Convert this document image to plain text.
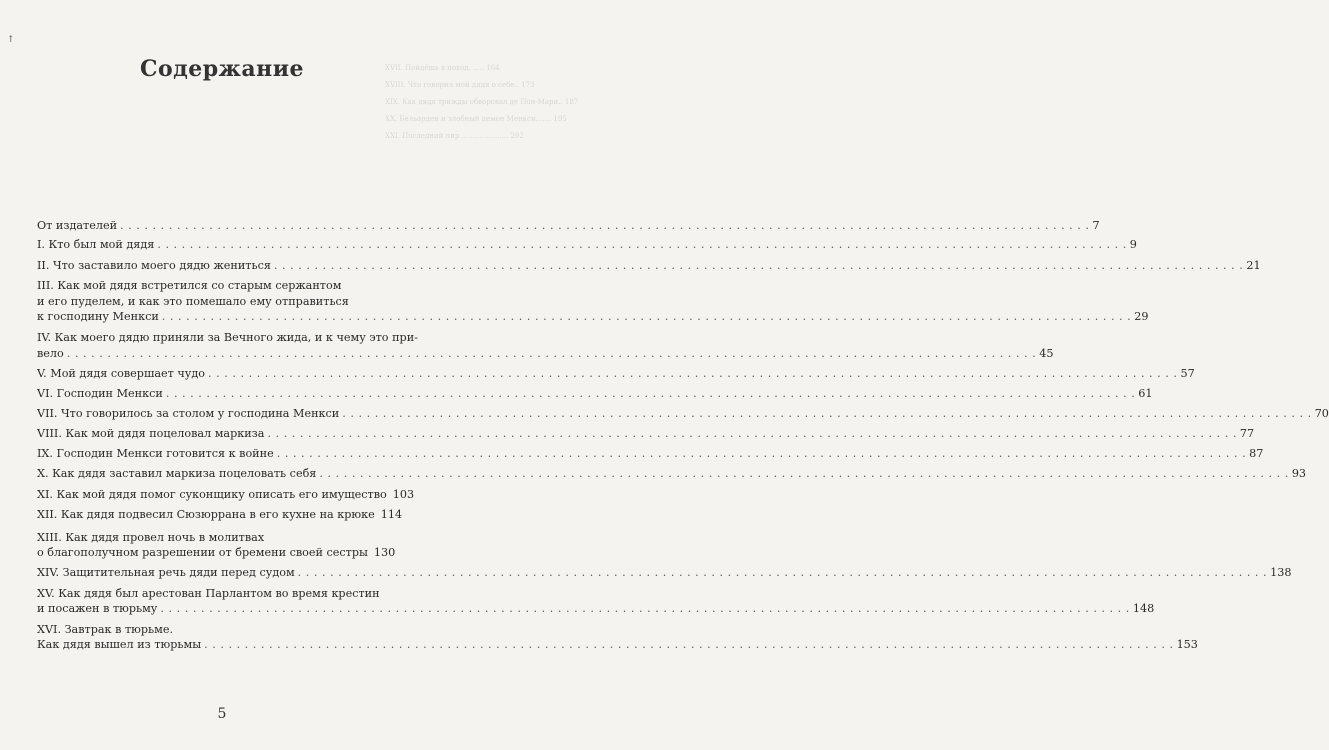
XVII. Пойдёшь в поход. ..... 164
XVIII. Что говорил мой дядя о себе.. 173
XIX. Как дядя трижды обворовал де Пон-Мари.. 187
XX. Бельарден и злобный демон Менкси....... 195
XXI. Последний пир ..................... 202
↑
Содержание
От издателей . . . . . . . . . . . . . . . . . . . . . . . . . . . . . . . . . . . . . . . . . . . . . . . . . . . . . . . . . . . . . . . . . . . . . . . . . . . . . . . . . . . . . . . . . . . . . . . . . . . . . . . . . . . . . . . . . . . . . . . . 7
I. Кто был мой дядя . . . . . . . . . . . . . . . . . . . . . . . . . . . . . . . . . . . . . . . . . . . . . . . . . . . . . . . . . . . . . . . . . . . . . . . . . . . . . . . . . . . . . . . . . . . . . . . . . . . . . . . . . . . . . . . . . . . . . . . . 9
II. Что заставило моего дядю жениться . . . . . . . . . . . . . . . . . . . . . . . . . . . . . . . . . . . . . . . . . . . . . . . . . . . . . . . . . . . . . . . . . . . . . . . . . . . . . . . . . . . . . . . . . . . . . . . . . . . . . . . . . . . . . . . . . . . . . . . . 21
III. Как мой дядя встретился со старым сержантом
и его пуделем, и как это помешало ему отправиться
к господину Менкси . . . . . . . . . . . . . . . . . . . . . . . . . . . . . . . . . . . . . . . . . . . . . . . . . . . . . . . . . . . . . . . . . . . . . . . . . . . . . . . . . . . . . . . . . . . . . . . . . . . . . . . . . . . . . . . . . . . . . . . . 29
IV. Как моего дядю приняли за Вечного жида, и к чему это при-
вело . . . . . . . . . . . . . . . . . . . . . . . . . . . . . . . . . . . . . . . . . . . . . . . . . . . . . . . . . . . . . . . . . . . . . . . . . . . . . . . . . . . . . . . . . . . . . . . . . . . . . . . . . . . . . . . . . . . . . . . . 45
V. Мой дядя совершает чудо . . . . . . . . . . . . . . . . . . . . . . . . . . . . . . . . . . . . . . . . . . . . . . . . . . . . . . . . . . . . . . . . . . . . . . . . . . . . . . . . . . . . . . . . . . . . . . . . . . . . . . . . . . . . . . . . . . . . . . . . 57
VI. Господин Менкси . . . . . . . . . . . . . . . . . . . . . . . . . . . . . . . . . . . . . . . . . . . . . . . . . . . . . . . . . . . . . . . . . . . . . . . . . . . . . . . . . . . . . . . . . . . . . . . . . . . . . . . . . . . . . . . . . . . . . . . . 61
VII. Что говорилось за столом у господина Менкси . . . . . . . . . . . . . . . . . . . . . . . . . . . . . . . . . . . . . . . . . . . . . . . . . . . . . . . . . . . . . . . . . . . . . . . . . . . . . . . . . . . . . . . . . . . . . . . . . . . . . . . . . . . . . . . . . . . . . . . . 70
VIII. Как мой дядя поцеловал маркиза . . . . . . . . . . . . . . . . . . . . . . . . . . . . . . . . . . . . . . . . . . . . . . . . . . . . . . . . . . . . . . . . . . . . . . . . . . . . . . . . . . . . . . . . . . . . . . . . . . . . . . . . . . . . . . . . . . . . . . . . 77
IX. Господин Менкси готовится к войне . . . . . . . . . . . . . . . . . . . . . . . . . . . . . . . . . . . . . . . . . . . . . . . . . . . . . . . . . . . . . . . . . . . . . . . . . . . . . . . . . . . . . . . . . . . . . . . . . . . . . . . . . . . . . . . . . . . . . . . . 87
X. Как дядя заставил маркиза поцеловать себя . . . . . . . . . . . . . . . . . . . . . . . . . . . . . . . . . . . . . . . . . . . . . . . . . . . . . . . . . . . . . . . . . . . . . . . . . . . . . . . . . . . . . . . . . . . . . . . . . . . . . . . . . . . . . . . . . . . . . . . . 93
XI. Как мой дядя помог суконщику описать его имущество 103
XII. Как дядя подвесил Сюзюррана в его кухне на крюке 114
XIII. Как дядя провел ночь в молитвах
о благополучном разрешении от бремени своей сестры 130
XIV. Защитительная речь дяди перед судом . . . . . . . . . . . . . . . . . . . . . . . . . . . . . . . . . . . . . . . . . . . . . . . . . . . . . . . . . . . . . . . . . . . . . . . . . . . . . . . . . . . . . . . . . . . . . . . . . . . . . . . . . . . . . . . . . . . . . . . . 138
XV. Как дядя был арестован Парлантом во время крестин
и посажен в тюрьму . . . . . . . . . . . . . . . . . . . . . . . . . . . . . . . . . . . . . . . . . . . . . . . . . . . . . . . . . . . . . . . . . . . . . . . . . . . . . . . . . . . . . . . . . . . . . . . . . . . . . . . . . . . . . . . . . . . . . . . . 148
XVI. Завтрак в тюрьме.
Как дядя вышел из тюрьмы . . . . . . . . . . . . . . . . . . . . . . . . . . . . . . . . . . . . . . . . . . . . . . . . . . . . . . . . . . . . . . . . . . . . . . . . . . . . . . . . . . . . . . . . . . . . . . . . . . . . . . . . . . . . . . . . . . . . . . . . 153
5
